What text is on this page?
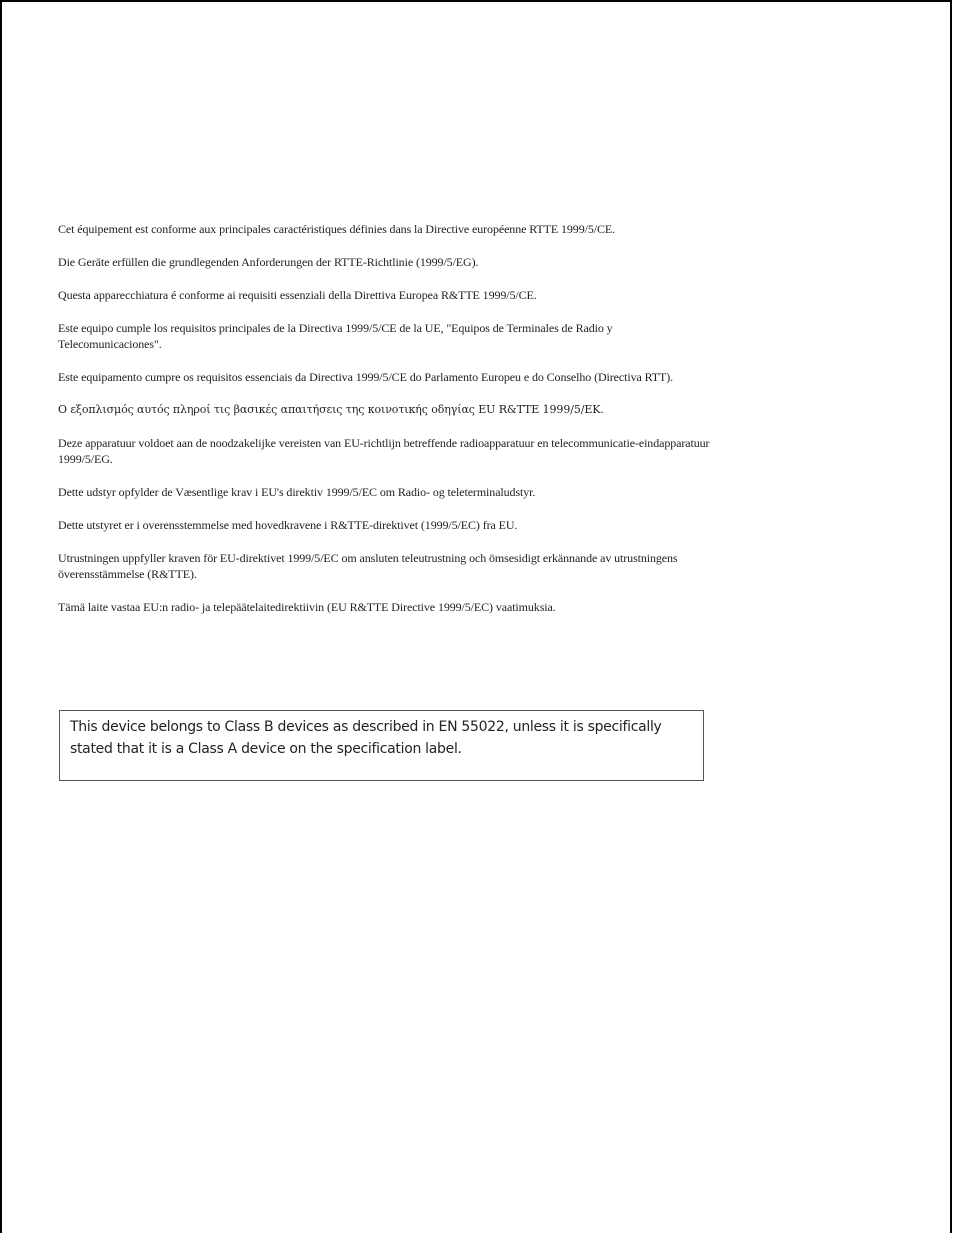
Cet équipement est conforme aux principales caractéristiques définies dans la Directive européenne RTTE 1999/5/CE.

Die Geräte erfüllen die grundlegenden Anforderungen der RTTE-Richtlinie (1999/5/EG).

Questa apparecchiatura é conforme ai requisiti essenziali della Direttiva Europea R&TTE 1999/5/CE.

Este equipo cumple los requisitos principales de la Directiva 1999/5/CE de la UE, "Equipos de Terminales de Radio y Telecomunicaciones".

Este equipamento cumpre os requisitos essenciais da Directiva 1999/5/CE do Parlamento Europeu e do Conselho (Directiva RTT).

Ο εξοπλισμός αυτός πληροί τις βασικές απαιτήσεις της κοινοτικής οδηγίας EU R&TTE 1999/5/EK.

Deze apparatuur voldoet aan de noodzakelijke vereisten van EU-richtlijn betreffende radioapparatuur en telecommunicatie-eindapparatuur 1999/5/EG.

Dette udstyr opfylder de Væsentlige krav i EU's direktiv 1999/5/EC om Radio- og teleterminaludstyr.

Dette utstyret er i overensstemmelse med hovedkravene i R&TTE-direktivet (1999/5/EC) fra EU.

Utrustningen uppfyller kraven för EU-direktivet 1999/5/EC om ansluten teleutrustning och ömsesidigt erkännande av utrustningens överensstämmelse (R&TTE).

Tämä laite vastaa EU:n radio- ja telepäätelaitedirektiivin (EU R&TTE Directive 1999/5/EC) vaatimuksia.

This device belongs to Class B devices as described in EN 55022, unless it is specifically stated that it is a Class A device on the specification label.
